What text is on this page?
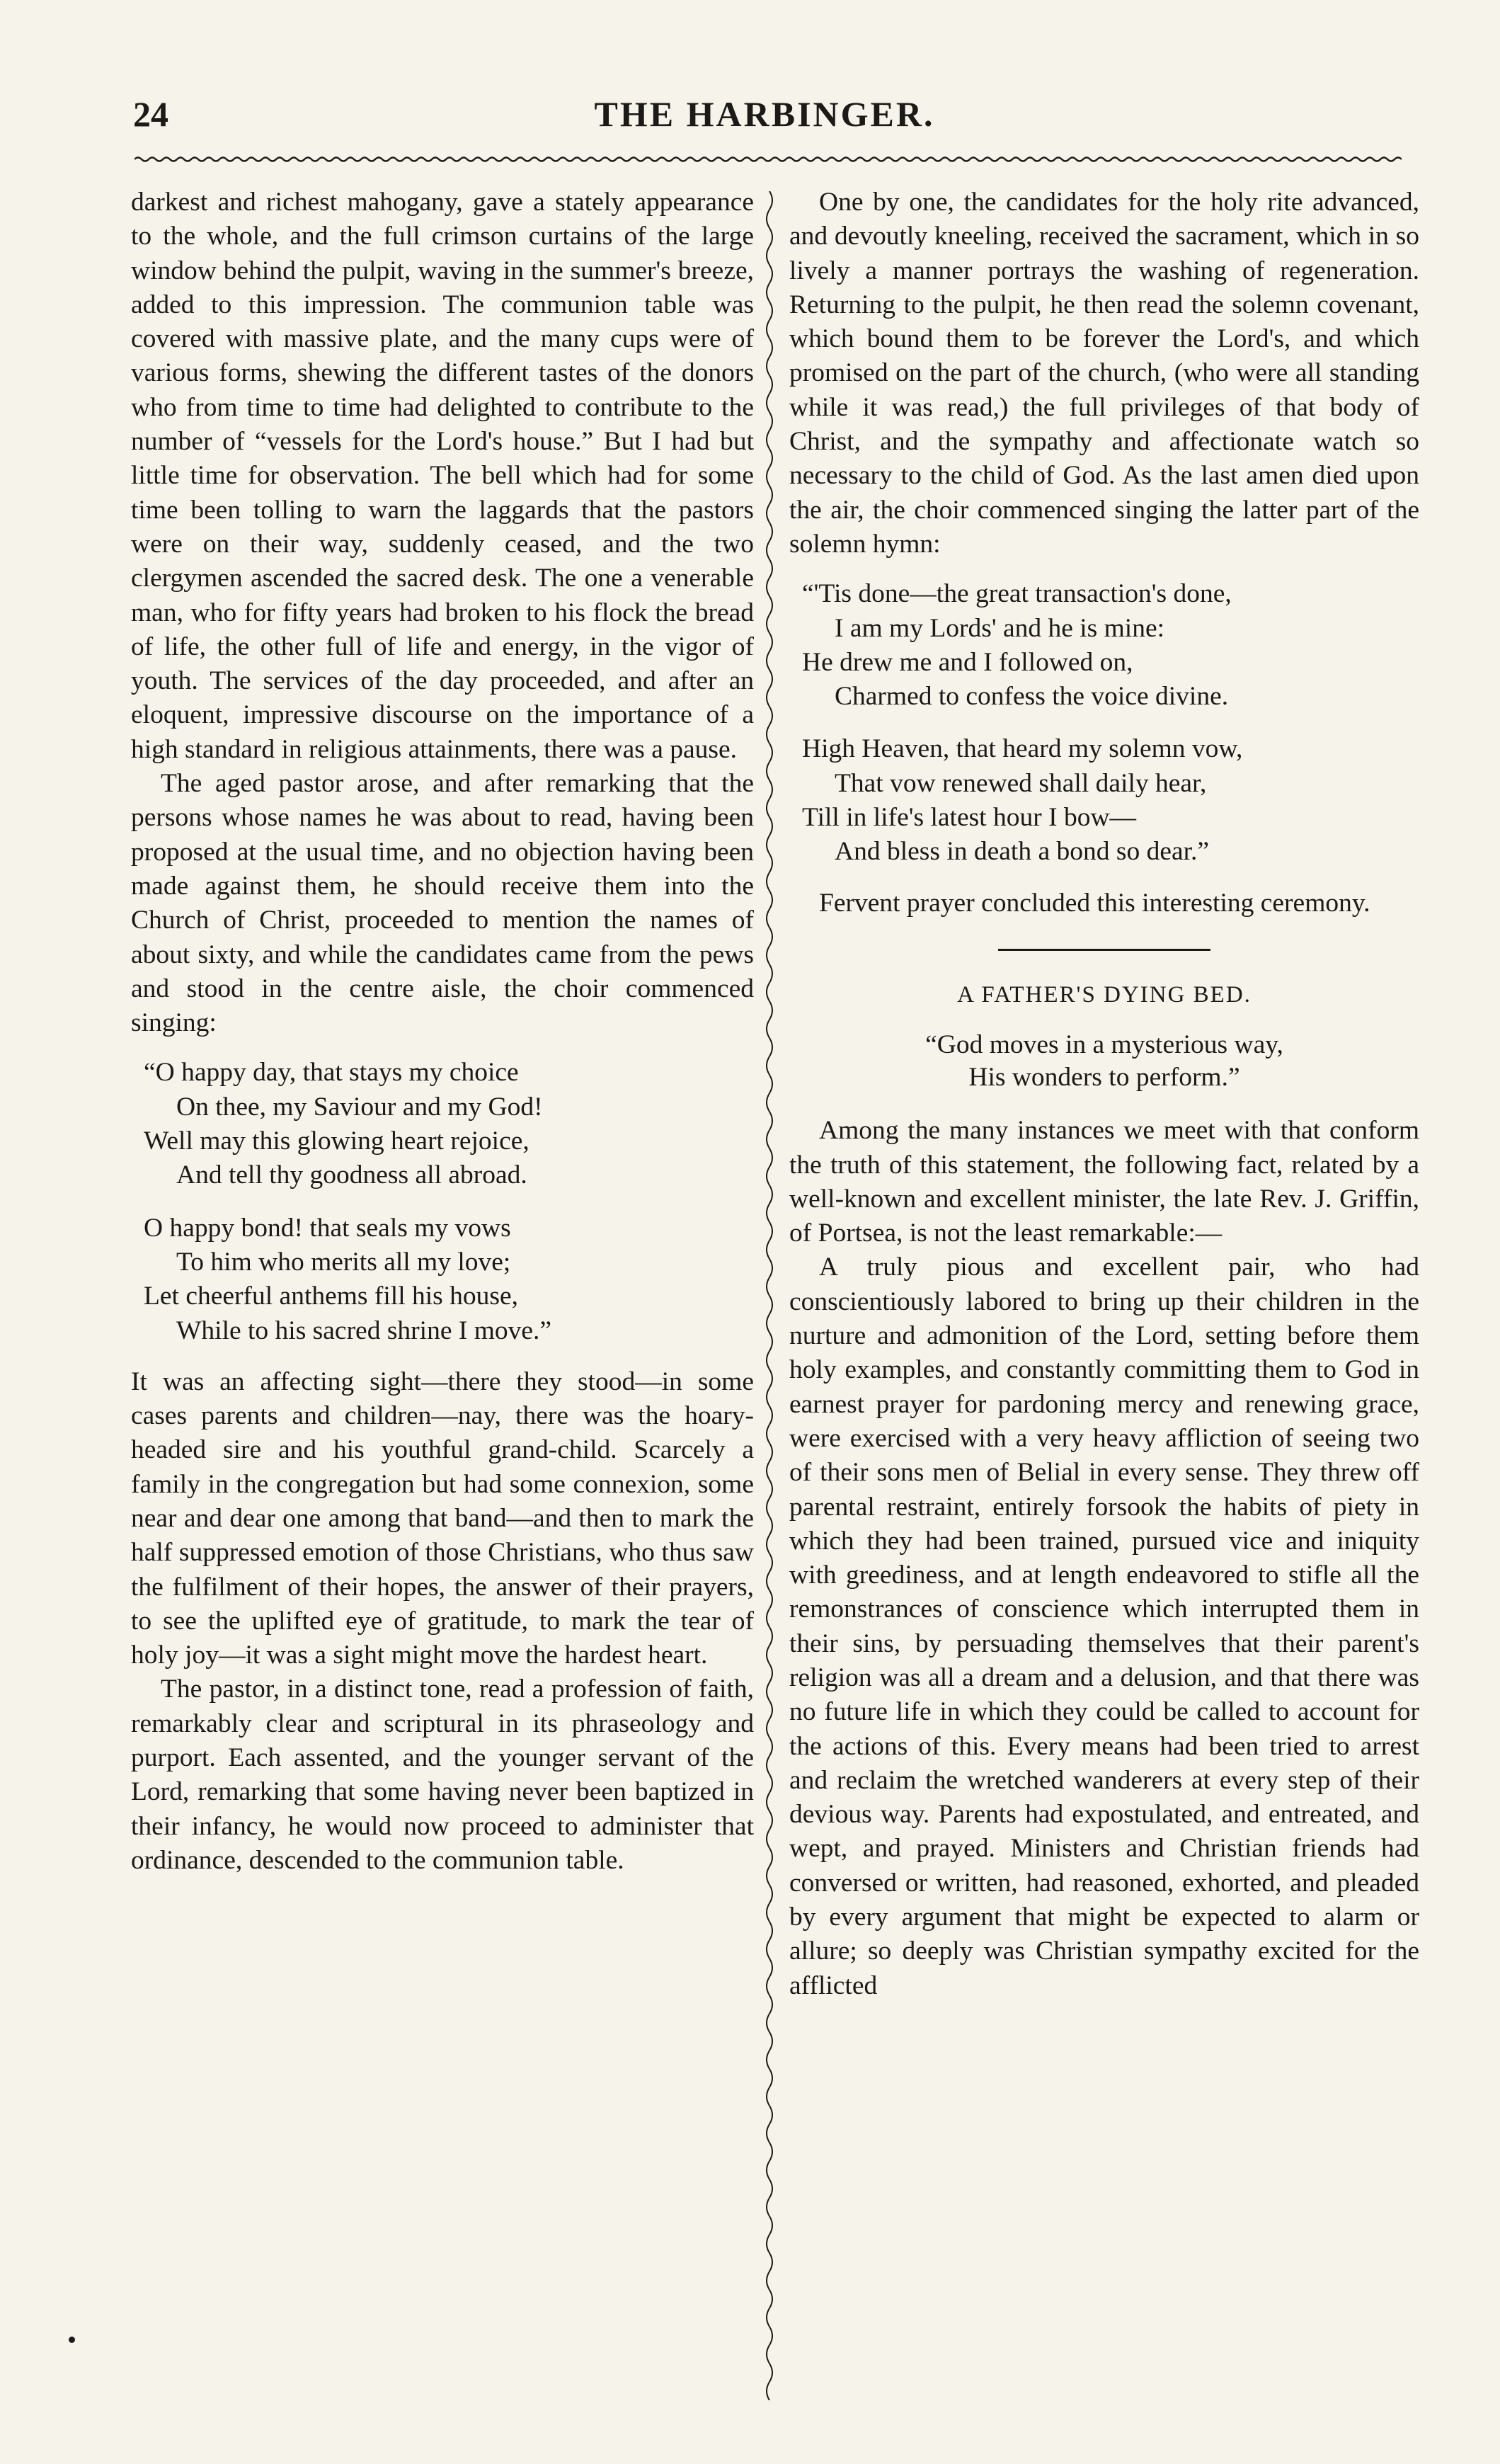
24	THE HARBINGER.

darkest and richest mahogany, gave a stately appearance to the whole, and the full crimson curtains of the large window behind the pulpit, waving in the summer's breeze, added to this impression. The communion table was covered with massive plate, and the many cups were of various forms, shewing the different tastes of the donors who from time to time had delighted to contribute to the number of “vessels for the Lord's house.” But I had but little time for observation. The bell which had for some time been tolling to warn the laggards that the pastors were on their way, suddenly ceased, and the two clergymen ascended the sacred desk. The one a venerable man, who for fifty years had broken to his flock the bread of life, the other full of life and energy, in the vigor of youth. The services of the day proceeded, and after an eloquent, impressive discourse on the importance of a high standard in religious attainments, there was a pause.

The aged pastor arose, and after remarking that the persons whose names he was about to read, having been proposed at the usual time, and no objection having been made against them, he should receive them into the Church of Christ, proceeded to mention the names of about sixty, and while the candidates came from the pews and stood in the centre aisle, the choir commenced singing:

“O happy day, that stays my choice
On thee, my Saviour and my God!
Well may this glowing heart rejoice,
And tell thy goodness all abroad.
O happy bond! that seals my vows
To him who merits all my love;
Let cheerful anthems fill his house,
While to his sacred shrine I move.”

It was an affecting sight—there they stood—in some cases parents and children—nay, there was the hoary-headed sire and his youthful grand-child. Scarcely a family in the congregation but had some connexion, some near and dear one among that band—and then to mark the half suppressed emotion of those Christians, who thus saw the fulfilment of their hopes, the answer of their prayers, to see the uplifted eye of gratitude, to mark the tear of holy joy—it was a sight might move the hardest heart.

The pastor, in a distinct tone, read a profession of faith, remarkably clear and scriptural in its phraseology and purport. Each assented, and the younger servant of the Lord, remarking that some having never been baptized in their infancy, he would now proceed to administer that ordinance, descended to the communion table.

One by one, the candidates for the holy rite advanced, and devoutly kneeling, received the sacrament, which in so lively a manner portrays the washing of regeneration. Returning to the pulpit, he then read the solemn covenant, which bound them to be forever the Lord's, and which promised on the part of the church, (who were all standing while it was read,) the full privileges of that body of Christ, and the sympathy and affectionate watch so necessary to the child of God. As the last amen died upon the air, the choir commenced singing the latter part of the solemn hymn:

“'Tis done—the great transaction's done,
I am my Lords' and he is mine:
He drew me and I followed on,
Charmed to confess the voice divine.
High Heaven, that heard my solemn vow,
That vow renewed shall daily hear,
Till in life's latest hour I bow—
And bless in death a bond so dear.”

Fervent prayer concluded this interesting ceremony.

A FATHER'S DYING BED.
“God moves in a mysterious way,
His wonders to perform.”

Among the many instances we meet with that conform the truth of this statement, the following fact, related by a well-known and excellent minister, the late Rev. J. Griffin, of Portsea, is not the least remarkable:—

A truly pious and excellent pair, who had conscientiously labored to bring up their children in the nurture and admonition of the Lord, setting before them holy examples, and constantly committing them to God in earnest prayer for pardoning mercy and renewing grace, were exercised with a very heavy affliction of seeing two of their sons men of Belial in every sense. They threw off parental restraint, entirely forsook the habits of piety in which they had been trained, pursued vice and iniquity with greediness, and at length endeavored to stifle all the remonstrances of conscience which interrupted them in their sins, by persuading themselves that their parent's religion was all a dream and a delusion, and that there was no future life in which they could be called to account for the actions of this. Every means had been tried to arrest and reclaim the wretched wanderers at every step of their devious way. Parents had expostulated, and entreated, and wept, and prayed. Ministers and Christian friends had conversed or written, had reasoned, exhorted, and pleaded by every argument that might be expected to alarm or allure; so deeply was Christian sympathy excited for the afflicted
